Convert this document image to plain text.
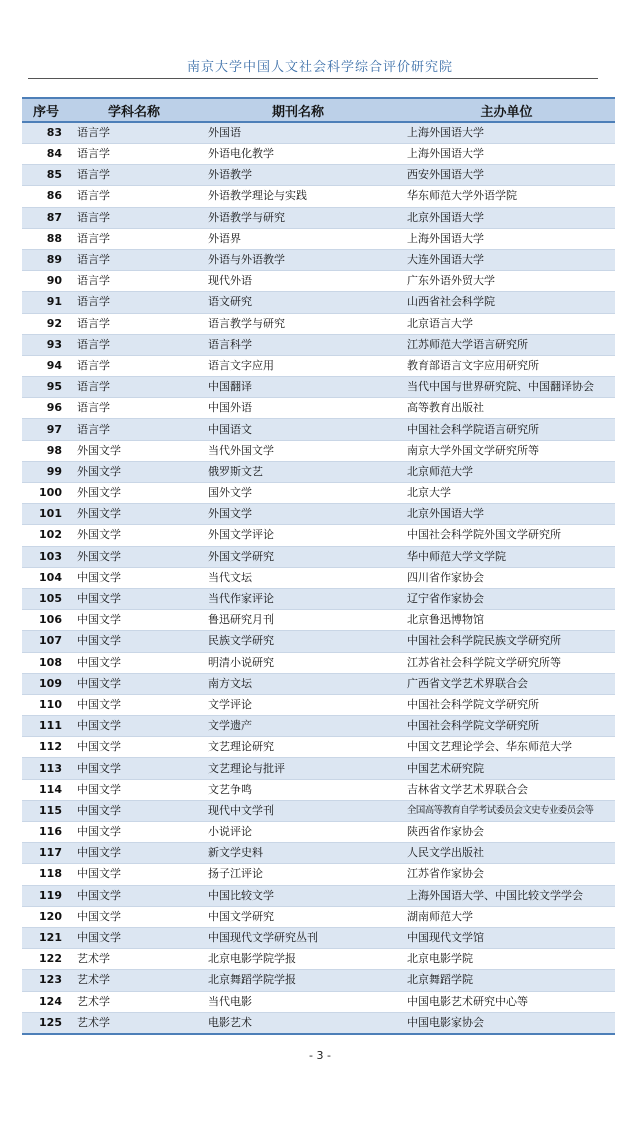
南京大学中国人文社会科学综合评价研究院
序号	学科名称	期刊名称	主办单位
83	语言学	外国语	上海外国语大学
84	语言学	外语电化教学	上海外国语大学
85	语言学	外语教学	西安外国语大学
86	语言学	外语教学理论与实践	华东师范大学外语学院
87	语言学	外语教学与研究	北京外国语大学
88	语言学	外语界	上海外国语大学
89	语言学	外语与外语教学	大连外国语大学
90	语言学	现代外语	广东外语外贸大学
91	语言学	语文研究	山西省社会科学院
92	语言学	语言教学与研究	北京语言大学
93	语言学	语言科学	江苏师范大学语言研究所
94	语言学	语言文字应用	教育部语言文字应用研究所
95	语言学	中国翻译	当代中国与世界研究院、中国翻译协会
96	语言学	中国外语	高等教育出版社
97	语言学	中国语文	中国社会科学院语言研究所
98	外国文学	当代外国文学	南京大学外国文学研究所等
99	外国文学	俄罗斯文艺	北京师范大学
100	外国文学	国外文学	北京大学
101	外国文学	外国文学	北京外国语大学
102	外国文学	外国文学评论	中国社会科学院外国文学研究所
103	外国文学	外国文学研究	华中师范大学文学院
104	中国文学	当代文坛	四川省作家协会
105	中国文学	当代作家评论	辽宁省作家协会
106	中国文学	鲁迅研究月刊	北京鲁迅博物馆
107	中国文学	民族文学研究	中国社会科学院民族文学研究所
108	中国文学	明清小说研究	江苏省社会科学院文学研究所等
109	中国文学	南方文坛	广西省文学艺术界联合会
110	中国文学	文学评论	中国社会科学院文学研究所
111	中国文学	文学遗产	中国社会科学院文学研究所
112	中国文学	文艺理论研究	中国文艺理论学会、华东师范大学
113	中国文学	文艺理论与批评	中国艺术研究院
114	中国文学	文艺争鸣	吉林省文学艺术界联合会
115	中国文学	现代中文学刊	全国高等教育自学考试委员会文史专业委员会等
116	中国文学	小说评论	陕西省作家协会
117	中国文学	新文学史料	人民文学出版社
118	中国文学	扬子江评论	江苏省作家协会
119	中国文学	中国比较文学	上海外国语大学、中国比较文学学会
120	中国文学	中国文学研究	湖南师范大学
121	中国文学	中国现代文学研究丛刊	中国现代文学馆
122	艺术学	北京电影学院学报	北京电影学院
123	艺术学	北京舞蹈学院学报	北京舞蹈学院
124	艺术学	当代电影	中国电影艺术研究中心等
125	艺术学	电影艺术	中国电影家协会
- 3 -
